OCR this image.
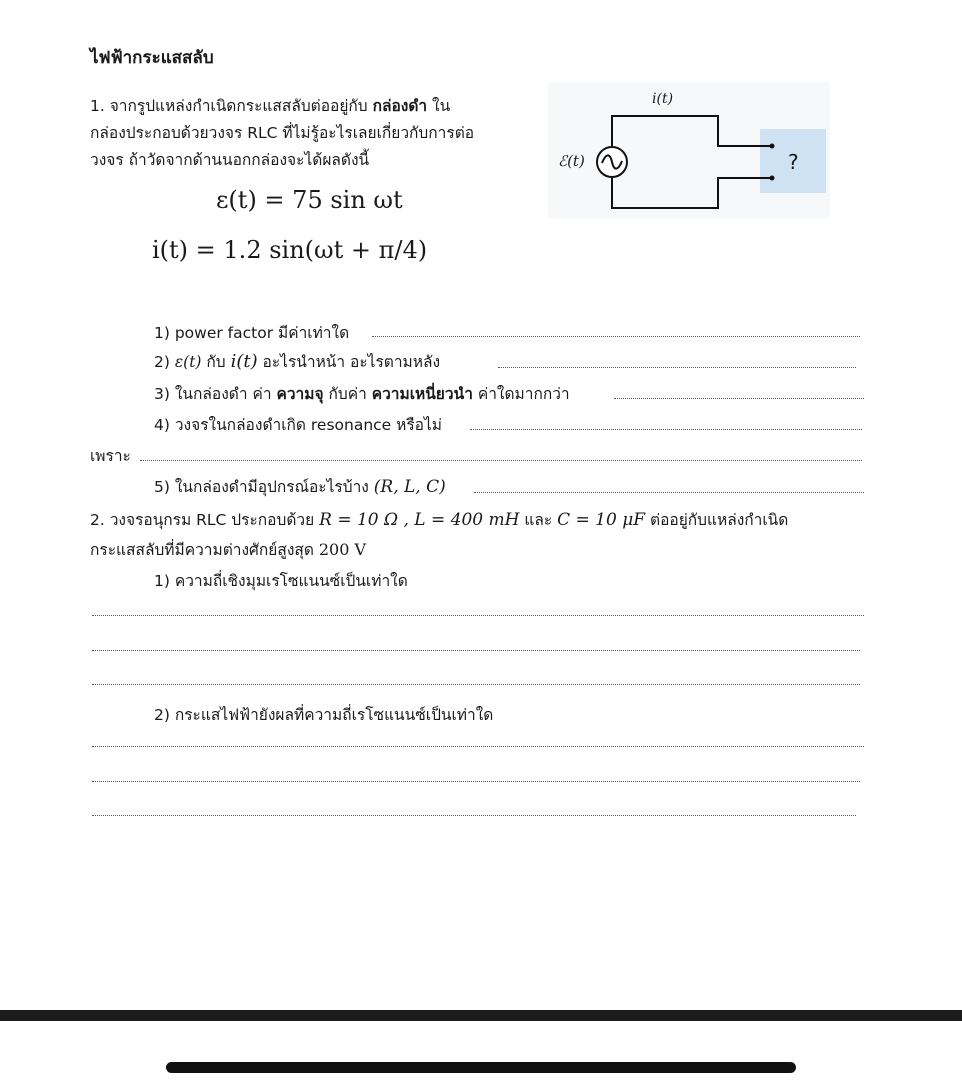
ไฟฟ้ากระแสสลับ
1. จากรูปแหล่งกำเนิดกระแสสลับต่ออยู่กับ กล่องดำ ใน
กล่องประกอบด้วยวงจร RLC ที่ไม่รู้อะไรเลยเกี่ยวกับการต่อ
วงจร ถ้าวัดจากด้านนอกกล่องจะได้ผลดังนี้
ε(t) = 75 sin ωt
i(t) = 1.2 sin(ωt + π/4)
i(t)
ℰ(t)	?
1) power factor มีค่าเท่าใด
2) ε(t) กับ i(t) อะไรนำหน้า อะไรตามหลัง
3) ในกล่องดำ ค่า ความจุ กับค่า ความเหนี่ยวนำ ค่าใดมากกว่า
4) วงจรในกล่องดำเกิด resonance หรือไม่
เพราะ
5) ในกล่องดำมีอุปกรณ์อะไรบ้าง (R, L, C)
2. วงจรอนุกรม RLC ประกอบด้วย R = 10 Ω , L = 400 mH และ C = 10 μF ต่ออยู่กับแหล่งกำเนิด
กระแสสลับที่มีความต่างศักย์สูงสุด 200 V
1) ความถี่เชิงมุมเรโซแนนซ์เป็นเท่าใด
2) กระแสไฟฟ้ายังผลที่ความถี่เรโซแนนซ์เป็นเท่าใด
